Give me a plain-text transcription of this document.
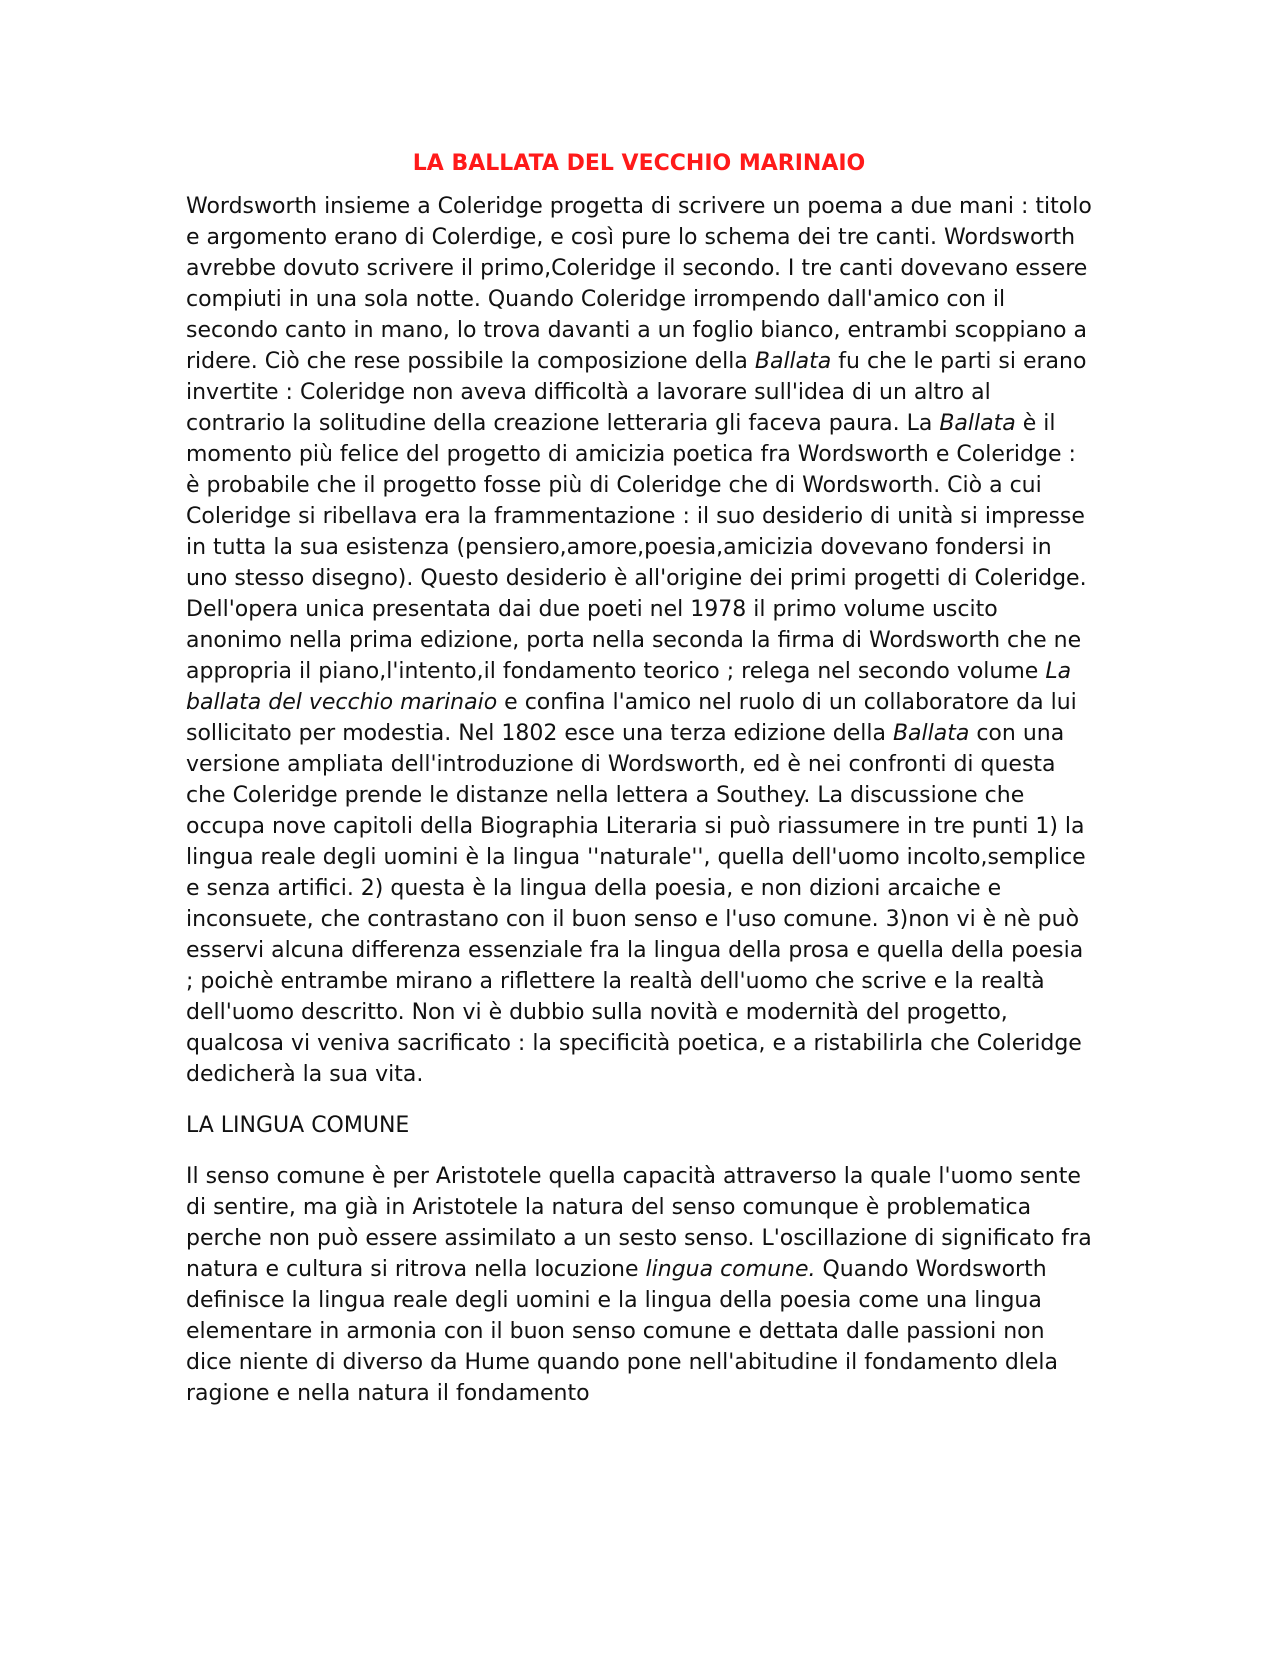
LA BALLATA DEL VECCHIO MARINAIO

Wordsworth insieme a Coleridge progetta di scrivere un poema a due mani : titolo e argomento erano di Colerdige, e così pure lo schema dei tre canti. Wordsworth avrebbe dovuto scrivere il primo,Coleridge il secondo. I tre canti dovevano essere compiuti in una sola notte. Quando Coleridge irrompendo dall'amico con il secondo canto in mano, lo trova davanti a un foglio bianco, entrambi scoppiano a ridere. Ciò che rese possibile la composizione della Ballata fu che le parti si erano invertite : Coleridge non aveva difficoltà a lavorare sull'idea di un altro al contrario la solitudine della creazione letteraria gli faceva paura. La Ballata è il momento più felice del progetto di amicizia poetica fra Wordsworth e Coleridge : è probabile che il progetto fosse più di Coleridge che di Wordsworth. Ciò a cui Coleridge si ribellava era la frammentazione : il suo desiderio di unità si impresse in tutta la sua esistenza (pensiero,amore,poesia,amicizia dovevano fondersi in uno stesso disegno). Questo desiderio è all'origine dei primi progetti di Coleridge. Dell'opera unica presentata dai due poeti nel 1978 il primo volume uscito anonimo nella prima edizione, porta nella seconda la firma di Wordsworth che ne appropria il piano,l'intento,il fondamento teorico ; relega nel secondo volume La ballata del vecchio marinaio e confina l'amico nel ruolo di un collaboratore da lui sollicitato per modestia. Nel 1802 esce una terza edizione della Ballata con una versione ampliata dell'introduzione di Wordsworth, ed è nei confronti di questa che Coleridge prende le distanze nella lettera a Southey. La discussione che occupa nove capitoli della Biographia Literaria si può riassumere in tre punti 1) la lingua reale degli uomini è la lingua ''naturale'', quella dell'uomo incolto,semplice e senza artifici. 2) questa è la lingua della poesia, e non dizioni arcaiche e inconsuete, che contrastano con il buon senso e l'uso comune. 3)non vi è nè può esservi alcuna differenza essenziale fra la lingua della prosa e quella della poesia ; poichè entrambe mirano a riflettere la realtà dell'uomo che scrive e la realtà dell'uomo descritto. Non vi è dubbio sulla novità e modernità del progetto, qualcosa vi veniva sacrificato : la specificità poetica, e a ristabilirla che Coleridge dedicherà la sua vita.

LA LINGUA COMUNE

Il senso comune è per Aristotele quella capacità attraverso la quale l'uomo sente di sentire, ma già in Aristotele la natura del senso comunque è problematica perche non può essere assimilato a un sesto senso. L'oscillazione di significato fra natura e cultura si ritrova nella locuzione lingua comune. Quando Wordsworth definisce la lingua reale degli uomini e la lingua della poesia come una lingua elementare in armonia con il buon senso comune e dettata dalle passioni non dice niente di diverso da Hume quando pone nell'abitudine il fondamento dlela ragione e nella natura il fondamento
